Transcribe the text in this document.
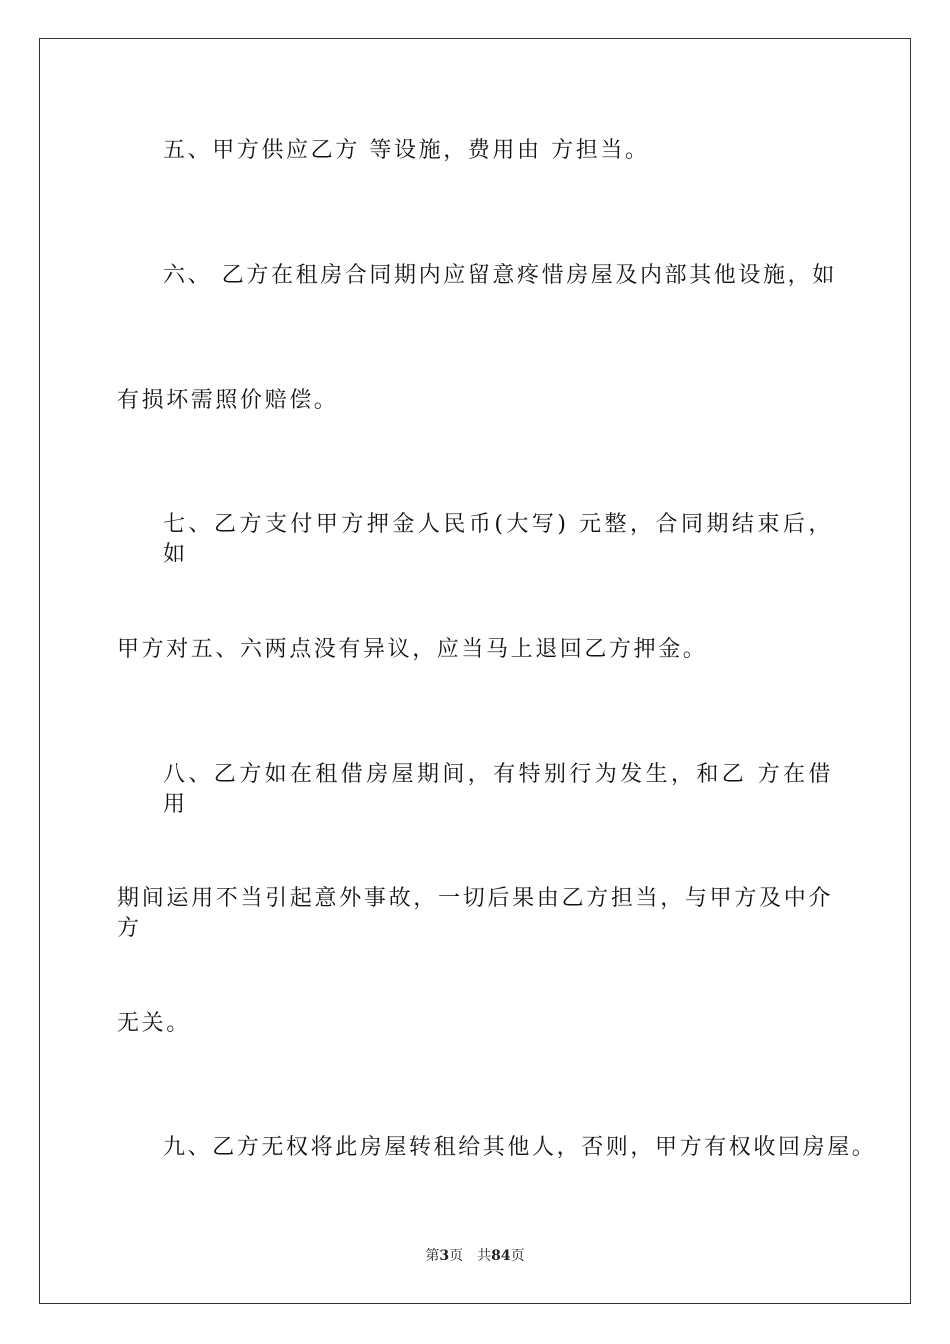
五、甲方供应乙方 等设施，费用由 方担当。
六、 乙方在租房合同期内应留意疼惜房屋及内部其他设施，如
有损坏需照价赔偿。
七、乙方支付甲方押金人民币(大写) 元整，合同期结束后，如
甲方对五、六两点没有异议，应当马上退回乙方押金。
八、乙方如在租借房屋期间，有特别行为发生，和乙 方在借用
期间运用不当引起意外事故，一切后果由乙方担当，与甲方及中介方
无关。
九、乙方无权将此房屋转租给其他人，否则，甲方有权收回房屋。
第3页 共84页
